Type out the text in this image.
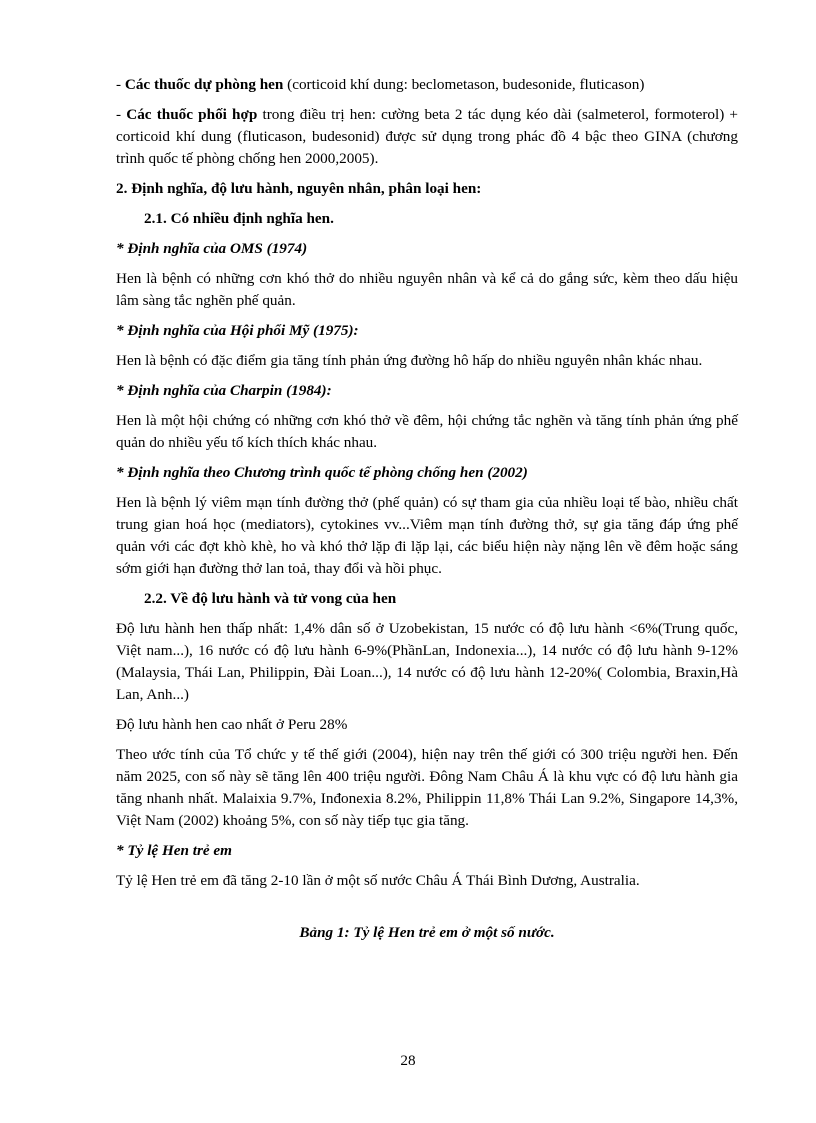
- Các thuốc dự phòng hen (corticoid khí dung: beclometason, budesonide, fluticason)

- Các thuốc phối hợp trong điều trị hen: cường beta 2 tác dụng kéo dài (salmeterol, formoterol) + corticoid khí dung (fluticason, budesonid) được sử dụng trong phác đồ 4 bậc theo GINA (chương trình quốc tế phòng chống hen 2000,2005).

2. Định nghĩa, độ lưu hành, nguyên nhân, phân loại hen:

2.1. Có nhiều định nghĩa hen.

* Định nghĩa của OMS (1974)

Hen là bệnh có những cơn khó thở do nhiều nguyên nhân và kể cả do gắng sức, kèm theo dấu hiệu lâm sàng tắc nghẽn phế quản.

* Định nghĩa của Hội phổi Mỹ (1975):

Hen là bệnh có đặc điểm gia tăng tính phản ứng đường hô hấp do nhiều nguyên nhân khác nhau.

* Định nghĩa của Charpin (1984):

Hen là một hội chứng có những cơn khó thở về đêm, hội chứng tắc nghẽn và tăng tính phản ứng phế quản do nhiều yếu tố kích thích khác nhau.

* Định nghĩa theo Chương trình quốc tế phòng chống hen (2002)

Hen là bệnh lý viêm mạn tính đường thở (phế quản) có sự tham gia của nhiều loại tế bào, nhiều chất trung gian hoá học (mediators), cytokines vv...Viêm mạn tính đường thở, sự gia tăng đáp ứng phế quản với các đợt khò khè, ho và khó thở lặp đi lặp lại, các biểu hiện này nặng lên về đêm hoặc sáng sớm giới hạn đường thở lan toả, thay đổi và hồi phục.

2.2. Về độ lưu hành và tử vong của hen

Độ lưu hành hen thấp nhất: 1,4% dân số ở Uzobekistan, 15 nước có độ lưu hành <6%(Trung quốc, Việt nam...), 16 nước có độ lưu hành 6-9%(PhầnLan, Indonexia...), 14 nước có độ lưu hành 9-12% (Malaysia, Thái Lan, Philippin, Đài Loan...), 14 nước có độ lưu hành 12-20%( Colombia, Braxin,Hà Lan, Anh...)

Độ lưu hành hen cao nhất ở Peru 28%

Theo ước tính của Tổ chức y tế thế giới (2004), hiện nay trên thế giới có 300 triệu người hen. Đến năm 2025, con số này sẽ tăng lên 400 triệu người. Đông Nam Châu Á là khu vực có độ lưu hành gia tăng nhanh nhất. Malaixia 9.7%, Inđonexia 8.2%, Philippin 11,8% Thái Lan 9.2%, Singapore 14,3%, Việt Nam (2002) khoảng 5%, con số này tiếp tục gia tăng.

* Tỷ lệ Hen trẻ em

Tỷ lệ Hen trẻ em đã tăng 2-10 lần ở một số nước Châu Á Thái Bình Dương, Australia.

Bảng 1: Tỷ lệ Hen trẻ em ở một số nước.

28
